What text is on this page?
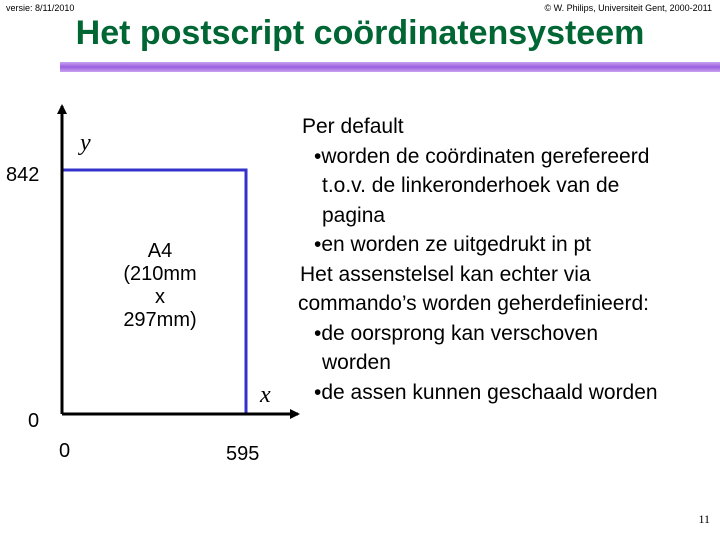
versie: 8/11/2010	© W. Philips, Universiteit Gent, 2000-2011
Het postscript coördinatensysteem
y
x
842
0
0	595
A4
(210mm
x
297mm)

Per default

•worden de coördinaten gerefereerd

t.o.v. de linkeronderhoek van de

pagina

•en worden ze uitgedrukt in pt

Het assenstelsel kan echter via

commando’s worden geherdefinieerd:

•de oorsprong kan verschoven

worden

•de assen kunnen geschaald worden

11
